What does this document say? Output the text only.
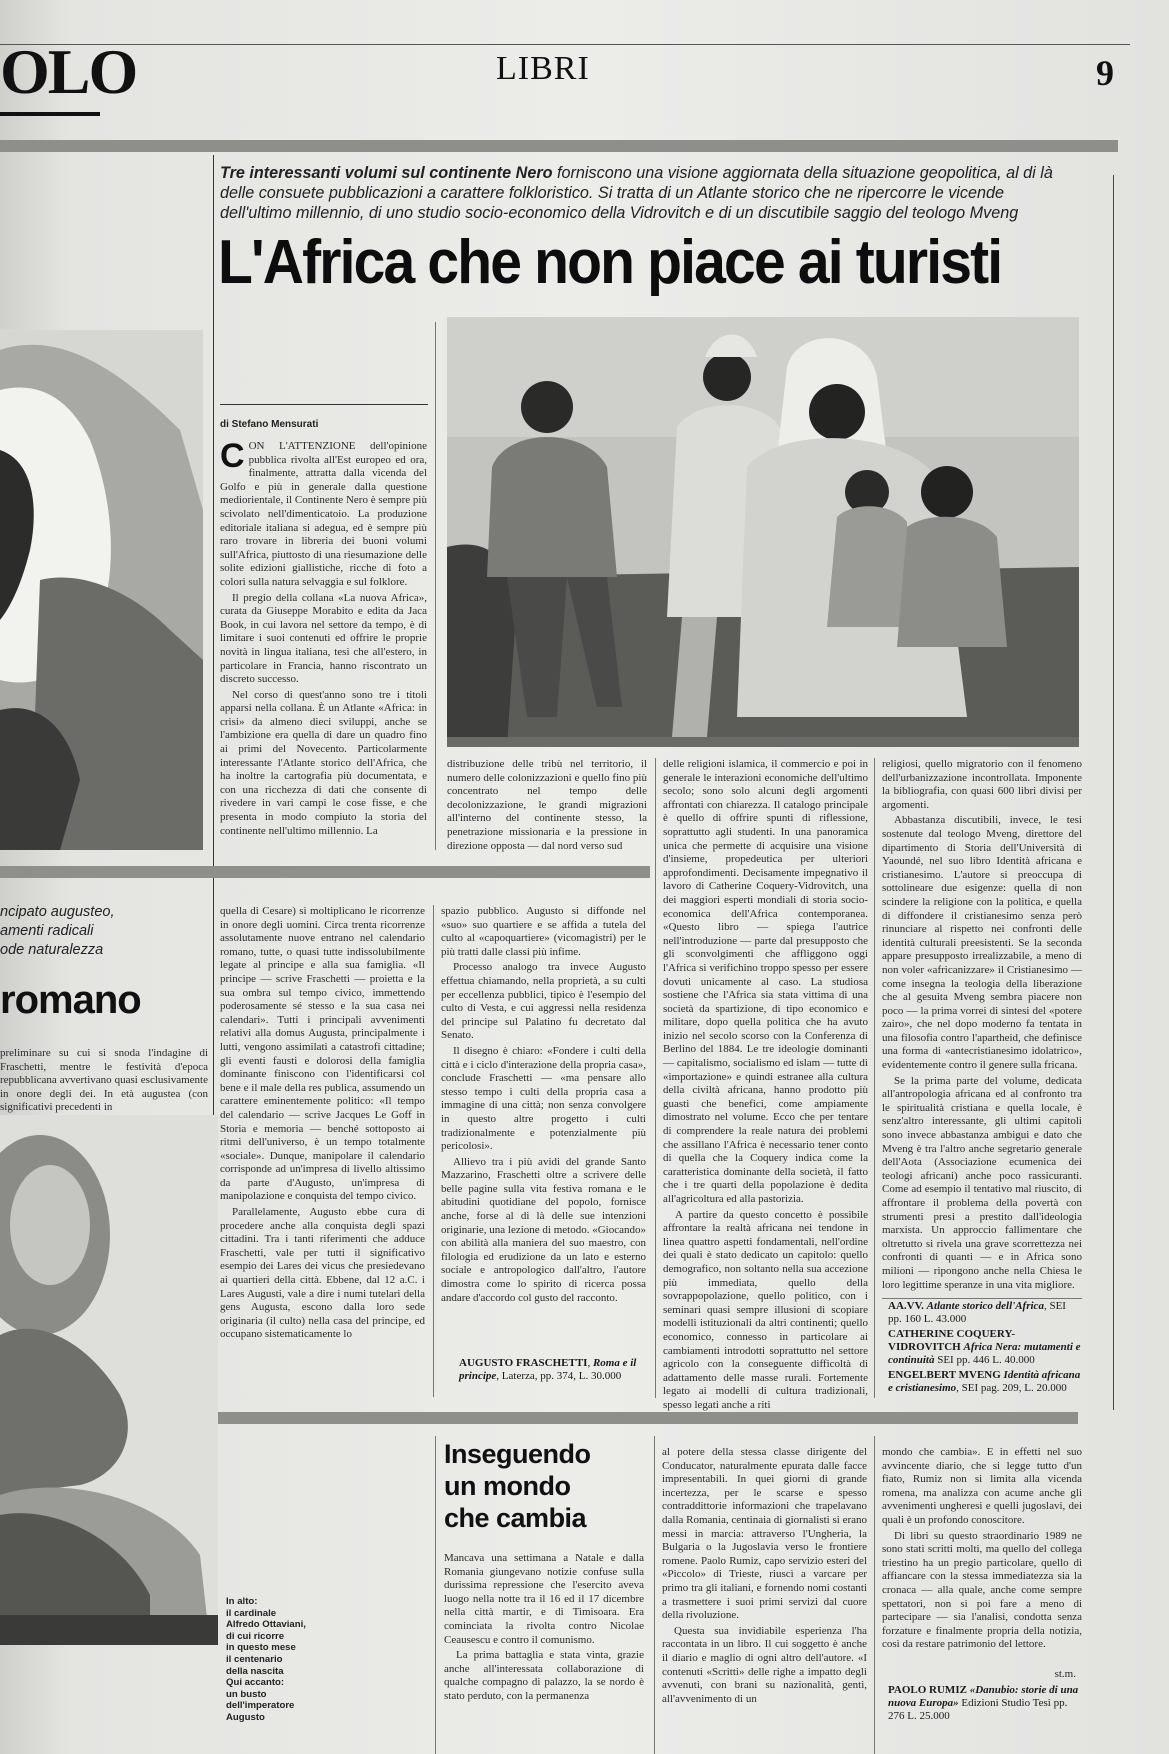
OLO	LIBRI	9
Tre interessanti volumi sul continente Nero forniscono una visione aggiornata della situazione geopolitica, al di là delle consuete pubblicazioni a carattere folkloristico. Si tratta di un Atlante storico che ne ripercorre le vicende dell'ultimo millennio, di uno studio socio-economico della Vidrovitch e di un discutibile saggio del teologo Mveng
L'Africa che non piace ai turisti
di Stefano Mensurati

CON L'ATTENZIONE dell'opinione pubblica rivolta all'Est europeo ed ora, finalmente, attratta dalla vicenda del Golfo e più in generale dalla questione mediorientale, il Continente Nero è sempre più scivolato nell'dimenticatoio. La produzione editoriale italiana si adegua, ed è sempre più raro trovare in libreria dei buoni volumi sull'Africa, piuttosto di una riesumazione delle solite edizioni giallistiche, ricche di foto a colori sulla natura selvaggia e sul folklore.

Il pregio della collana «La nuova Africa», curata da Giuseppe Morabito e edita da Jaca Book, in cui lavora nel settore da tempo, è di limitare i suoi contenuti ed offrire le proprie novità in lingua italiana, tesi che all'estero, in particolare in Francia, hanno riscontrato un discreto successo.

Nel corso di quest'anno sono tre i titoli apparsi nella collana. È un Atlante «Africa: in crisi» da almeno dieci sviluppi, anche se l'ambizione era quella di dare un quadro fino ai primi del Novecento. Particolarmente interessante l'Atlante storico dell'Africa, che ha inoltre la cartografia più documentata, e con una ricchezza di dati che consente di rivedere in vari campi le cose fisse, e che presenta in modo compiuto la storia del continente nell'ultimo millennio. La

distribuzione delle tribù nel territorio, il numero delle colonizzazioni e quello fino più concentrato nel tempo delle decolonizzazione, le grandi migrazioni all'interno del continente stesso, la penetrazione missionaria e la pressione in direzione opposta — dal nord verso sud

delle religioni islamica, il commercio e poi in generale le interazioni economiche dell'ultimo secolo; sono solo alcuni degli argomenti affrontati con chiarezza. Il catalogo principale è quello di offrire spunti di riflessione, soprattutto agli studenti. In una panoramica unica che permette di acquisire una visione d'insieme, propedeutica per ulteriori approfondimenti. Decisamente impegnativo il lavoro di Catherine Coquery-Vidrovitch, una dei maggiori esperti mondiali di storia socio-economica dell'Africa contemporanea. «Questo libro — spiega l'autrice nell'introduzione — parte dal presupposto che gli sconvolgimenti che affliggono oggi l'Africa si verifichino troppo spesso per essere dovuti unicamente al caso. La studiosa sostiene che l'Africa sia stata vittima di una società da spartizione, di tipo economico e militare, dopo quella politica che ha avuto inizio nel secolo scorso con la Conferenza di Berlino del 1884. Le tre ideologie dominanti — capitalismo, socialismo ed islam — tutte di «importazione» e quindi estranee alla cultura della civiltà africana, hanno prodotto più guasti che benefici, come ampiamente dimostrato nel volume. Ecco che per tentare di comprendere la reale natura dei problemi che assillano l'Africa è necessario tener conto di quella che la Coquery indica come la caratteristica dominante della società, il fatto che i tre quarti della popolazione è dedita all'agricoltura ed alla pastorizia.

A partire da questo concetto è possibile affrontare la realtà africana nei tendone in linea quattro aspetti fondamentali, nell'ordine dei quali è stato dedicato un capitolo: quello demografico, non soltanto nella sua accezione più immediata, quello della sovrappopolazione, quello politico, con i seminari quasi sempre illusioni di scopiare modelli istituzionali da altri continenti; quello economico, connesso in particolare ai cambiamenti introdotti soprattutto nel settore agricolo con la conseguente difficoltà di adattamento delle masse rurali. Fortemente legato ai modelli di cultura tradizionali, spesso legati anche a riti

religiosi, quello migratorio con il fenomeno dell'urbanizzazione incontrollata. Imponente la bibliografia, con quasi 600 libri divisi per argomenti.

Abbastanza discutibili, invece, le tesi sostenute dal teologo Mveng, direttore del dipartimento di Storia dell'Università di Yaoundé, nel suo libro Identità africana e cristianesimo. L'autore si preoccupa di sottolineare due esigenze: quella di non scindere la religione con la politica, e quella di diffondere il cristianesimo senza però rinunciare al rispetto nei confronti delle identità culturali preesistenti. Se la seconda appare presupposto irrealizzabile, a meno di non voler «africanizzare» il Cristianesimo — come insegna la teologia della liberazione che al gesuita Mveng sembra piacere non poco — la prima vorrei di sintesi del «potere zairo», che nel dopo moderno fa tentata in una filosofia contro l'apartheid, che definisce una forma di «antecristianesimo idolatrico», evidentemente contro il genere sulla fricana.

Se la prima parte del volume, dedicata all'antropologia africana ed al confronto tra le spiritualità cristiana e quella locale, è senz'altro interessante, gli ultimi capitoli sono invece abbastanza ambigui e dato che Mveng è tra l'altro anche segretario generale dell'Aota (Associazione ecumenica dei teologi africani) anche poco rassicuranti. Come ad esempio il tentativo mal riuscito, di affrontare il problema della povertà con strumenti presi a prestito dall'ideologia marxista. Un approccio fallimentare che oltretutto si rivela una grave scorrettezza nei confronti di quanti — e in Africa sono milioni — ripongono anche nella Chiesa le loro legittime speranze in una vita migliore.

AA.VV. Atlante storico dell'Africa, SEI pp. 160 L. 43.000
CATHERINE COQUERY-VIDROVITCH Africa Nera: mutamenti e continuità SEI pp. 446 L. 40.000
ENGELBERT MVENG Identità africana e cristianesimo, SEI pag. 209, L. 20.000
ncipato augusteo,
amenti radicali
ode naturalezza
romano

preliminare su cui si snoda l'indagine di Fraschetti, mentre le festività d'epoca repubblicana avvertivano quasi esclusivamente in onore degli dei. In età augustea (con significativi precedenti in

quella di Cesare) si moltiplicano le ricorrenze in onore degli uomini. Circa trenta ricorrenze assolutamente nuove entrano nel calendario romano, tutte, o quasi tutte indissolubilmente legate al principe e alla sua famiglia. «Il principe — scrive Fraschetti — proietta e la sua ombra sul tempo civico, immettendo poderosamente sé stesso e la sua casa nei calendari». Tutti i principali avvenimenti relativi alla domus Augusta, principalmente i lutti, vengono assimilati a catastrofi cittadine; gli eventi fausti e dolorosi della famiglia dominante finiscono con l'identificarsi col bene e il male della res publica, assumendo un carattere eminentemente politico: «Il tempo del calendario — scrive Jacques Le Goff in Storia e memoria — benché sottoposto ai ritmi dell'universo, è un tempo totalmente «sociale». Dunque, manipolare il calendario corrisponde ad un'impresa di livello altissimo da parte d'Augusto, un'impresa di manipolazione e conquista del tempo civico.

Parallelamente, Augusto ebbe cura di procedere anche alla conquista degli spazi cittadini. Tra i tanti riferimenti che adduce Fraschetti, vale per tutti il significativo esempio dei Lares dei vicus che presiedevano ai quartieri della città. Ebbene, dal 12 a.C. i Lares Augusti, vale a dire i numi tutelari della gens Augusta, escono dalla loro sede originaria (il culto) nella casa del principe, ed occupano sistematicamente lo

spazio pubblico. Augusto si diffonde nel «suo» suo quartiere e se affida a tutela del culto al «capoquartiere» (vicomagistri) per le più tratti dalle classi più infime.

Processo analogo tra invece Augusto effettua chiamando, nella proprietà, a su culti per eccellenza pubblici, tipico è l'esempio del culto di Vesta, e cui aggressi nella residenza del principe sul Palatino fu decretato dal Senato.

Il disegno è chiaro: «Fondere i culti della città e i ciclo d'interazione della propria casa», conclude Fraschetti — «ma pensare allo stesso tempo i culti della propria casa a immagine di una città; non senza convolgere in questo altre progetto i culti tradizionalmente e potenzialmente più pericolosi».

Allievo tra i più avidi del grande Santo Mazzarino, Fraschetti oltre a scrivere delle belle pagine sulla vita festiva romana e le abitudini quotidiane del popolo, fornisce anche, forse al di là delle sue intenzioni originarie, una lezione di metodo. «Giocando» con abilità alla maniera del suo maestro, con filologia ed erudizione da un lato e esterno sociale e antropologico dall'altro, l'autore dimostra come lo spirito di ricerca possa andare d'accordo col gusto del racconto.

AUGUSTO FRASCHETTI, Roma e il principe, Laterza, pp. 374, L. 30.000
In alto:
il cardinale
Alfredo Ottaviani,
di cui ricorre
in questo mese
il centenario
della nascita
Qui accanto:
un busto
dell'imperatore
Augusto
Inseguendo
un mondo
che cambia

Mancava una settimana a Natale e dalla Romania giungevano notizie confuse sulla durissima repressione che l'esercito aveva luogo nella notte tra il 16 ed il 17 dicembre nella città martir, e di Timisoara. Era cominciata la rivolta contro Nicolae Ceausescu e contro il comunismo.

La prima battaglia e stata vinta, grazie anche all'interessata collaborazione di qualche compagno di palazzo, la se nordo è stato perduto, con la permanenza

al potere della stessa classe dirigente del Conducator, naturalmente epurata dalle facce impresentabili. In quei giorni di grande incertezza, per le scarse e spesso contraddittorie informazioni che trapelavano dalla Romania, centinaia di giornalisti si erano messi in marcia: attraverso l'Ungheria, la Bulgaria o la Jugoslavia verso le frontiere romene. Paolo Rumiz, capo servizio esteri del «Piccolo» di Trieste, riuscì a varcare per primo tra gli italiani, e fornendo nomi costanti a trasmettere i suoi primi servizi dal cuore della rivoluzione.

Questa sua invidiabile esperienza l'ha raccontata in un libro. Il cui soggetto è anche il diario e maglio di ogni altro dell'autore. «I contenuti «Scritti» delle righe a impatto degli avvenuti, con brani su nazionalità, genti, all'avvenimento di un

mondo che cambia». E in effetti nel suo avvincente diario, che si legge tutto d'un fiato, Rumiz non si limita alla vicenda romena, ma analizza con acume anche gli avvenimenti ungheresi e quelli jugoslavi, dei quali è un profondo conoscitore.

Di libri su questo straordinario 1989 ne sono stati scritti molti, ma quello del collega triestino ha un pregio particolare, quello di affiancare con la stessa immediatezza sia la cronaca — alla quale, anche come sempre spettatori, non si poi fare a meno di partecipare — sia l'analisi, condotta senza forzature e finalmente propria della notizia, così da restare patrimonio del lettore.

st.m.
PAOLO RUMIZ «Danubio: storie di una nuova Europa» Edizioni Studio Tesi pp. 276 L. 25.000
